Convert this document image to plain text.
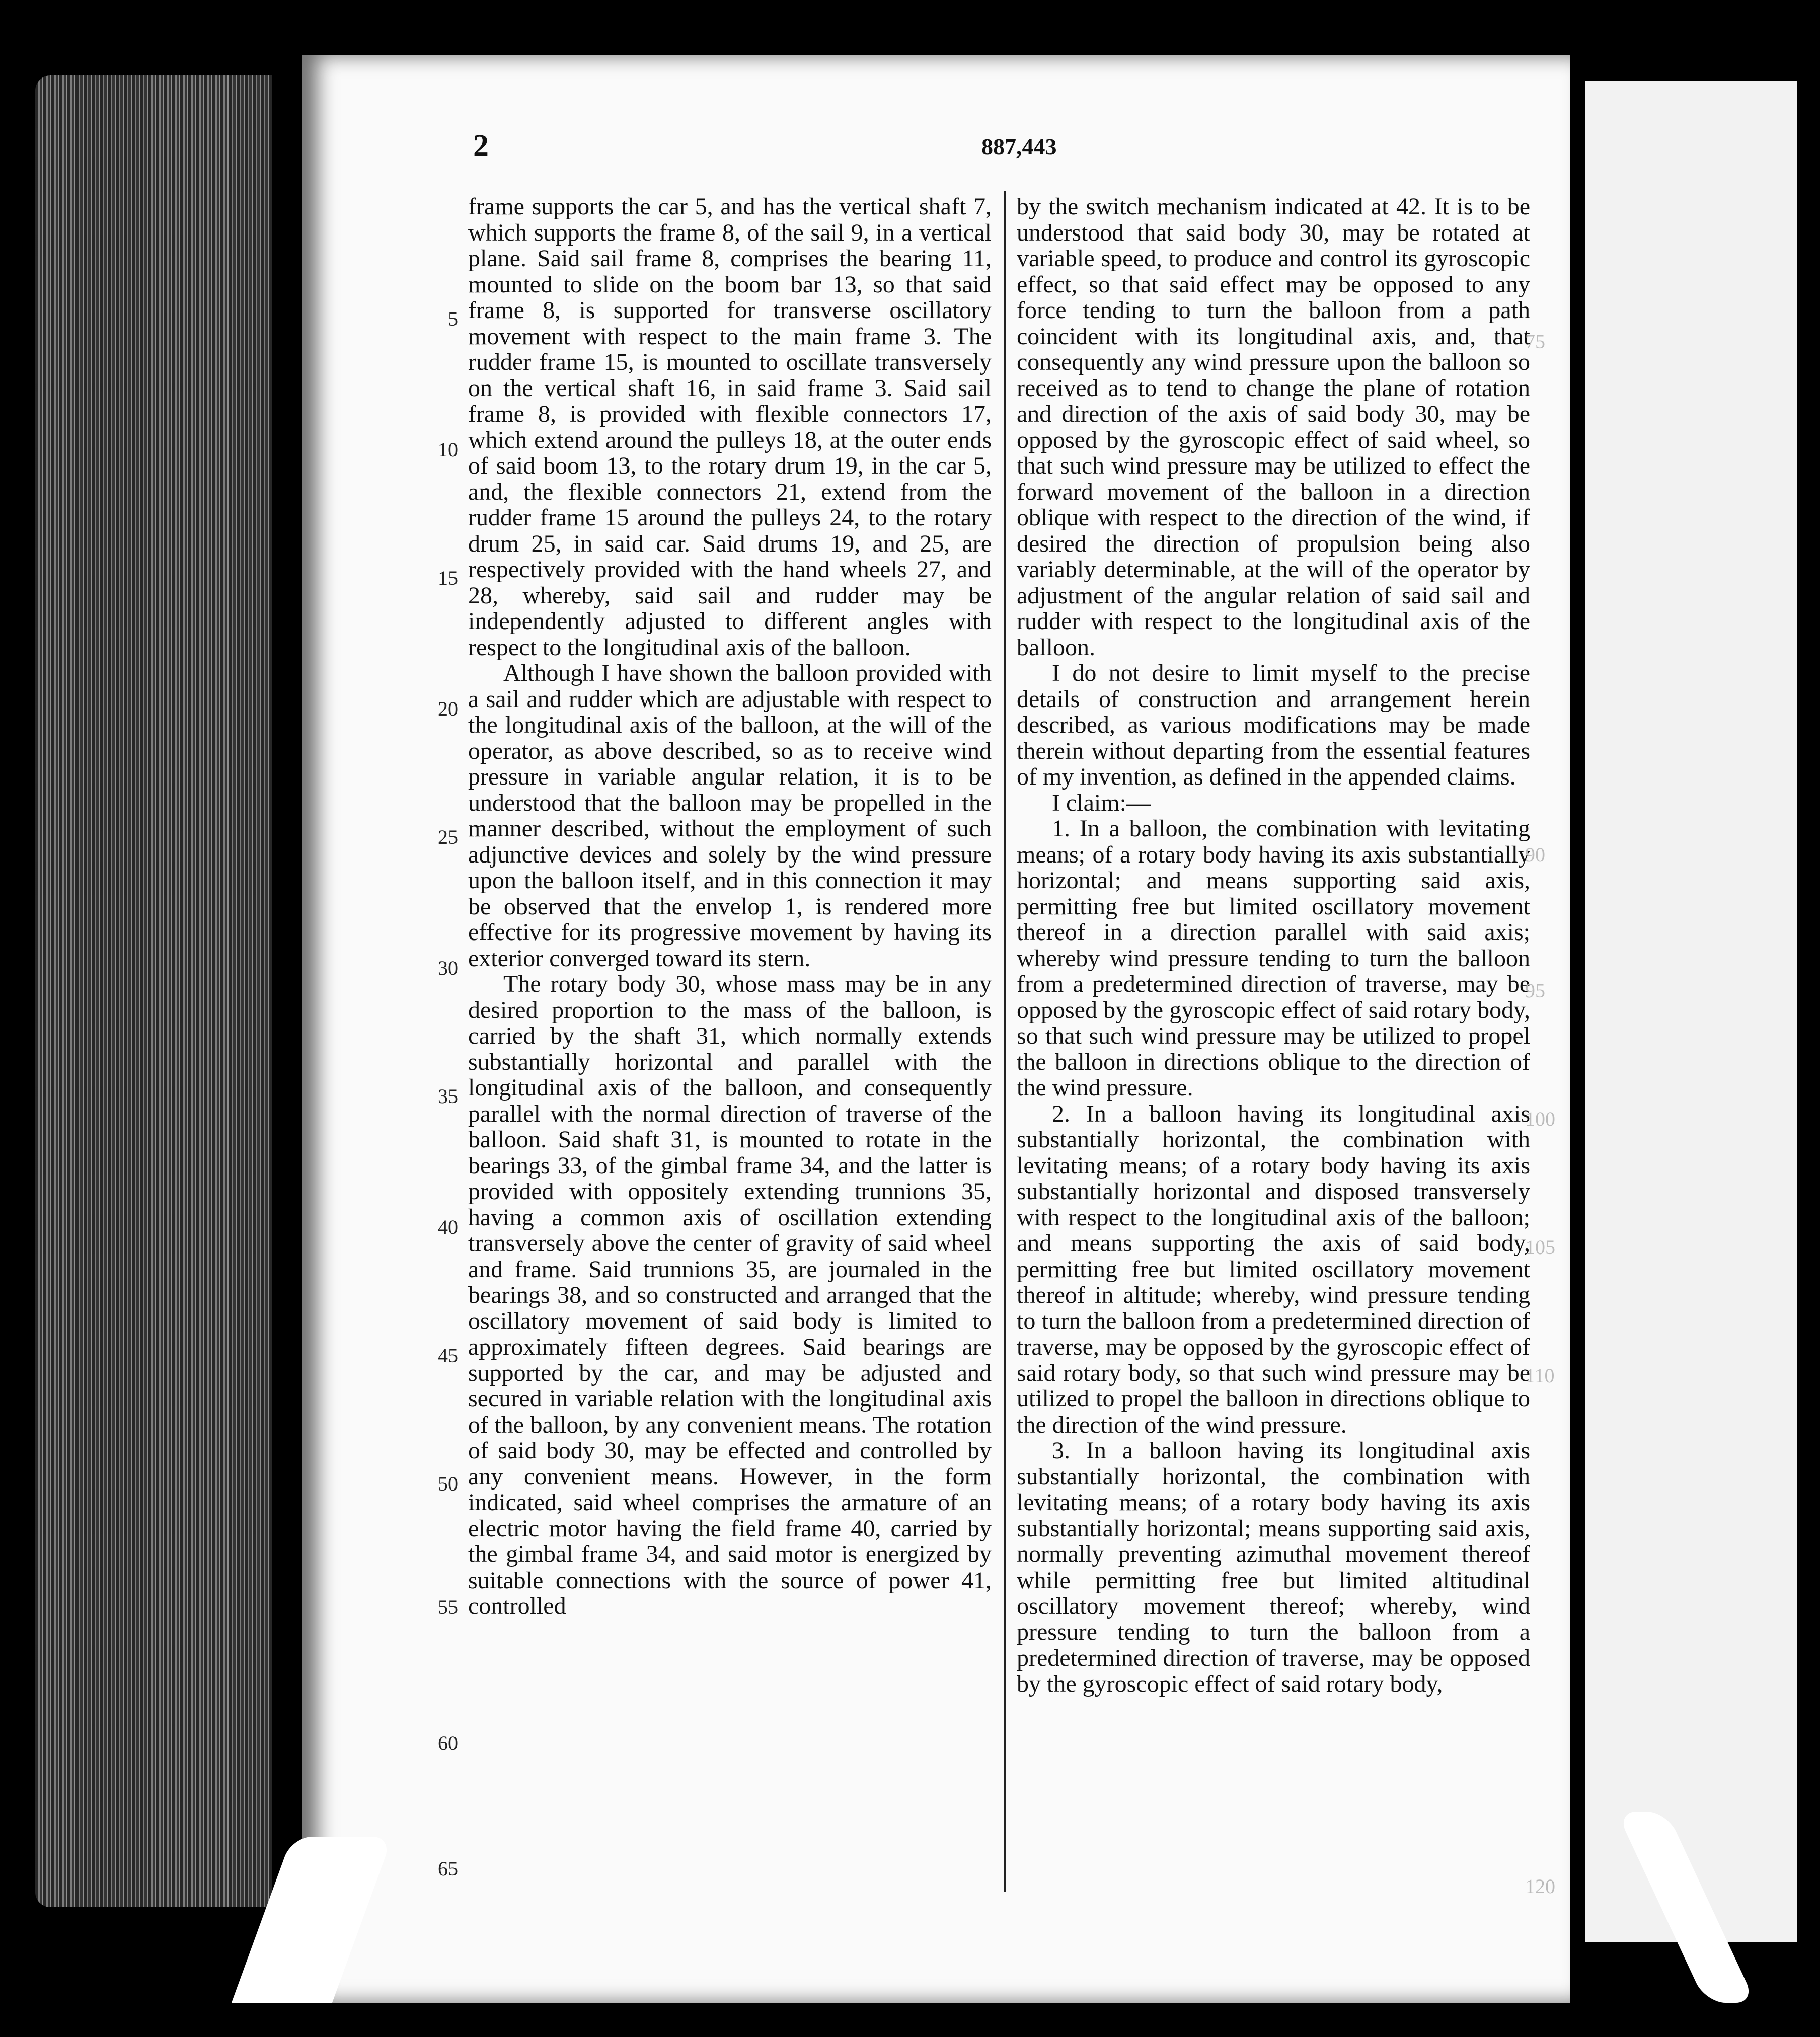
2	887,443

frame supports the car 5, and has the vertical shaft 7, which supports the frame 8, of the sail 9, in a vertical plane. Said sail frame 8, comprises the bearing 11, mounted to slide on the boom bar 13, so that said frame 8, is supported for transverse oscillatory movement with respect to the main frame 3. The rudder frame 15, is mounted to oscillate transversely on the vertical shaft 16, in said frame 3. Said sail frame 8, is provided with flexible connectors 17, which extend around the pulleys 18, at the outer ends of said boom 13, to the rotary drum 19, in the car 5, and, the flexible connectors 21, extend from the rudder frame 15 around the pulleys 24, to the rotary drum 25, in said car. Said drums 19, and 25, are respectively provided with the hand wheels 27, and 28, whereby, said sail and rudder may be independently adjusted to different angles with respect to the longitudinal axis of the balloon.

Although I have shown the balloon provided with a sail and rudder which are adjustable with respect to the longitudinal axis of the balloon, at the will of the operator, as above described, so as to receive wind pressure in variable angular relation, it is to be understood that the balloon may be propelled in the manner described, without the employment of such adjunctive devices and solely by the wind pressure upon the balloon itself, and in this connection it may be observed that the envelop 1, is rendered more effective for its progressive movement by having its exterior converged toward its stern.

The rotary body 30, whose mass may be in any desired proportion to the mass of the balloon, is carried by the shaft 31, which normally extends substantially horizontal and parallel with the longitudinal axis of the balloon, and consequently parallel with the normal direction of traverse of the balloon. Said shaft 31, is mounted to rotate in the bearings 33, of the gimbal frame 34, and the latter is provided with oppositely extending trunnions 35, having a common axis of oscillation extending transversely above the center of gravity of said wheel and frame. Said trunnions 35, are journaled in the bearings 38, and so constructed and arranged that the oscillatory movement of said body is limited to approximately fifteen degrees. Said bearings are supported by the car, and may be adjusted and secured in variable relation with the longitudinal axis of the balloon, by any convenient means. The rotation of said body 30, may be effected and controlled by any convenient means. However, in the form indicated, said wheel comprises the armature of an electric motor having the field frame 40, carried by the gimbal frame 34, and said motor is energized by suitable connections with the source of power 41, controlled

by the switch mechanism indicated at 42. It is to be understood that said body 30, may be rotated at variable speed, to produce and control its gyroscopic effect, so that said effect may be opposed to any force tending to turn the balloon from a path coincident with its longitudinal axis, and, that consequently any wind pressure upon the balloon so received as to tend to change the plane of rotation and direction of the axis of said body 30, may be opposed by the gyroscopic effect of said wheel, so that such wind pressure may be utilized to effect the forward movement of the balloon in a direction oblique with respect to the direction of the wind, if desired the direction of propulsion being also variably determinable, at the will of the operator by adjustment of the angular relation of said sail and rudder with respect to the longitudinal axis of the balloon.

I do not desire to limit myself to the precise details of construction and arrangement herein described, as various modifications may be made therein without departing from the essential features of my invention, as defined in the appended claims.

I claim:—

1. In a balloon, the combination with levitating means; of a rotary body having its axis substantially horizontal; and means supporting said axis, permitting free but limited oscillatory movement thereof in a direction parallel with said axis; whereby wind pressure tending to turn the balloon from a predetermined direction of traverse, may be opposed by the gyroscopic effect of said rotary body, so that such wind pressure may be utilized to propel the balloon in directions oblique to the direction of the wind pressure.

2. In a balloon having its longitudinal axis substantially horizontal, the combination with levitating means; of a rotary body having its axis substantially horizontal and disposed transversely with respect to the longitudinal axis of the balloon; and means supporting the axis of said body, permitting free but limited oscillatory movement thereof in altitude; whereby, wind pressure tending to turn the balloon from a predetermined direction of traverse, may be opposed by the gyroscopic effect of said rotary body, so that such wind pressure may be utilized to propel the balloon in directions oblique to the direction of the wind pressure.

3. In a balloon having its longitudinal axis substantially horizontal, the combination with levitating means; of a rotary body having its axis substantially horizontal; means supporting said axis, normally preventing azimuthal movement thereof while permitting free but limited altitudinal oscillatory movement thereof; whereby, wind pressure tending to turn the balloon from a predetermined direction of traverse, may be opposed by the gyroscopic effect of said rotary body,

5
10
15
20
25
30
35
40
45
50
55
60
65
75
90
95
100
105
110
120
